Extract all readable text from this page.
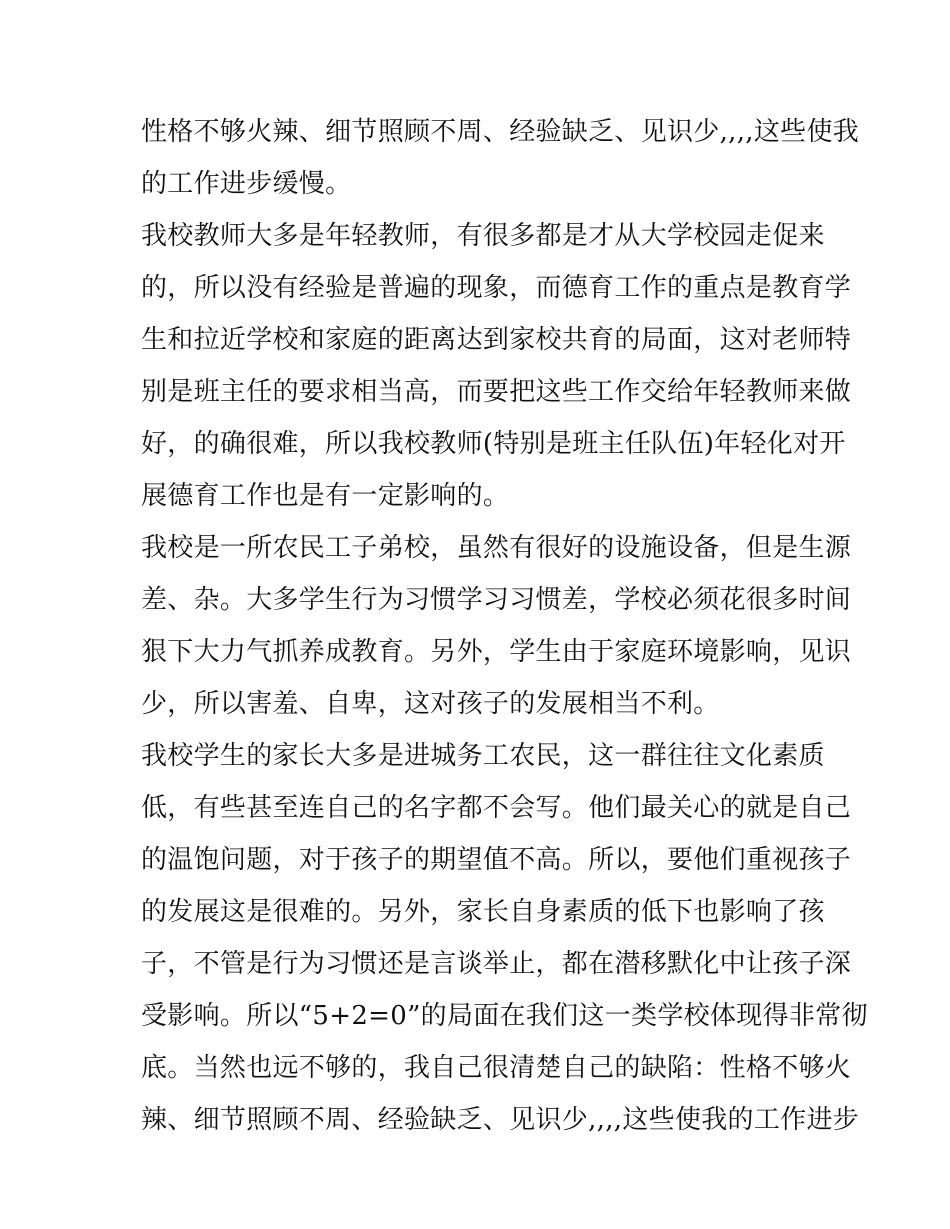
性格不够火辣、细节照顾不周、经验缺乏、见识少,,,,这些使我
的工作进步缓慢。
我校教师大多是年轻教师，有很多都是才从大学校园走促来
的，所以没有经验是普遍的现象，而德育工作的重点是教育学
生和拉近学校和家庭的距离达到家校共育的局面，这对老师特
别是班主任的要求相当高，而要把这些工作交给年轻教师来做
好，的确很难，所以我校教师(特别是班主任队伍)年轻化对开
展德育工作也是有一定影响的。
我校是一所农民工子弟校，虽然有很好的设施设备，但是生源
差、杂。大多学生行为习惯学习习惯差，学校必须花很多时间
狠下大力气抓养成教育。另外，学生由于家庭环境影响，见识
少，所以害羞、自卑，这对孩子的发展相当不利。
我校学生的家长大多是进城务工农民，这一群往往文化素质
低，有些甚至连自己的名字都不会写。他们最关心的就是自己
的温饱问题，对于孩子的期望值不高。所以，要他们重视孩子
的发展这是很难的。另外，家长自身素质的低下也影响了孩
子，不管是行为习惯还是言谈举止，都在潜移默化中让孩子深
受影响。所以“5+2=0”的局面在我们这一类学校体现得非常彻
底。当然也远不够的，我自己很清楚自己的缺陷：性格不够火
辣、细节照顾不周、经验缺乏、见识少,,,,这些使我的工作进步
